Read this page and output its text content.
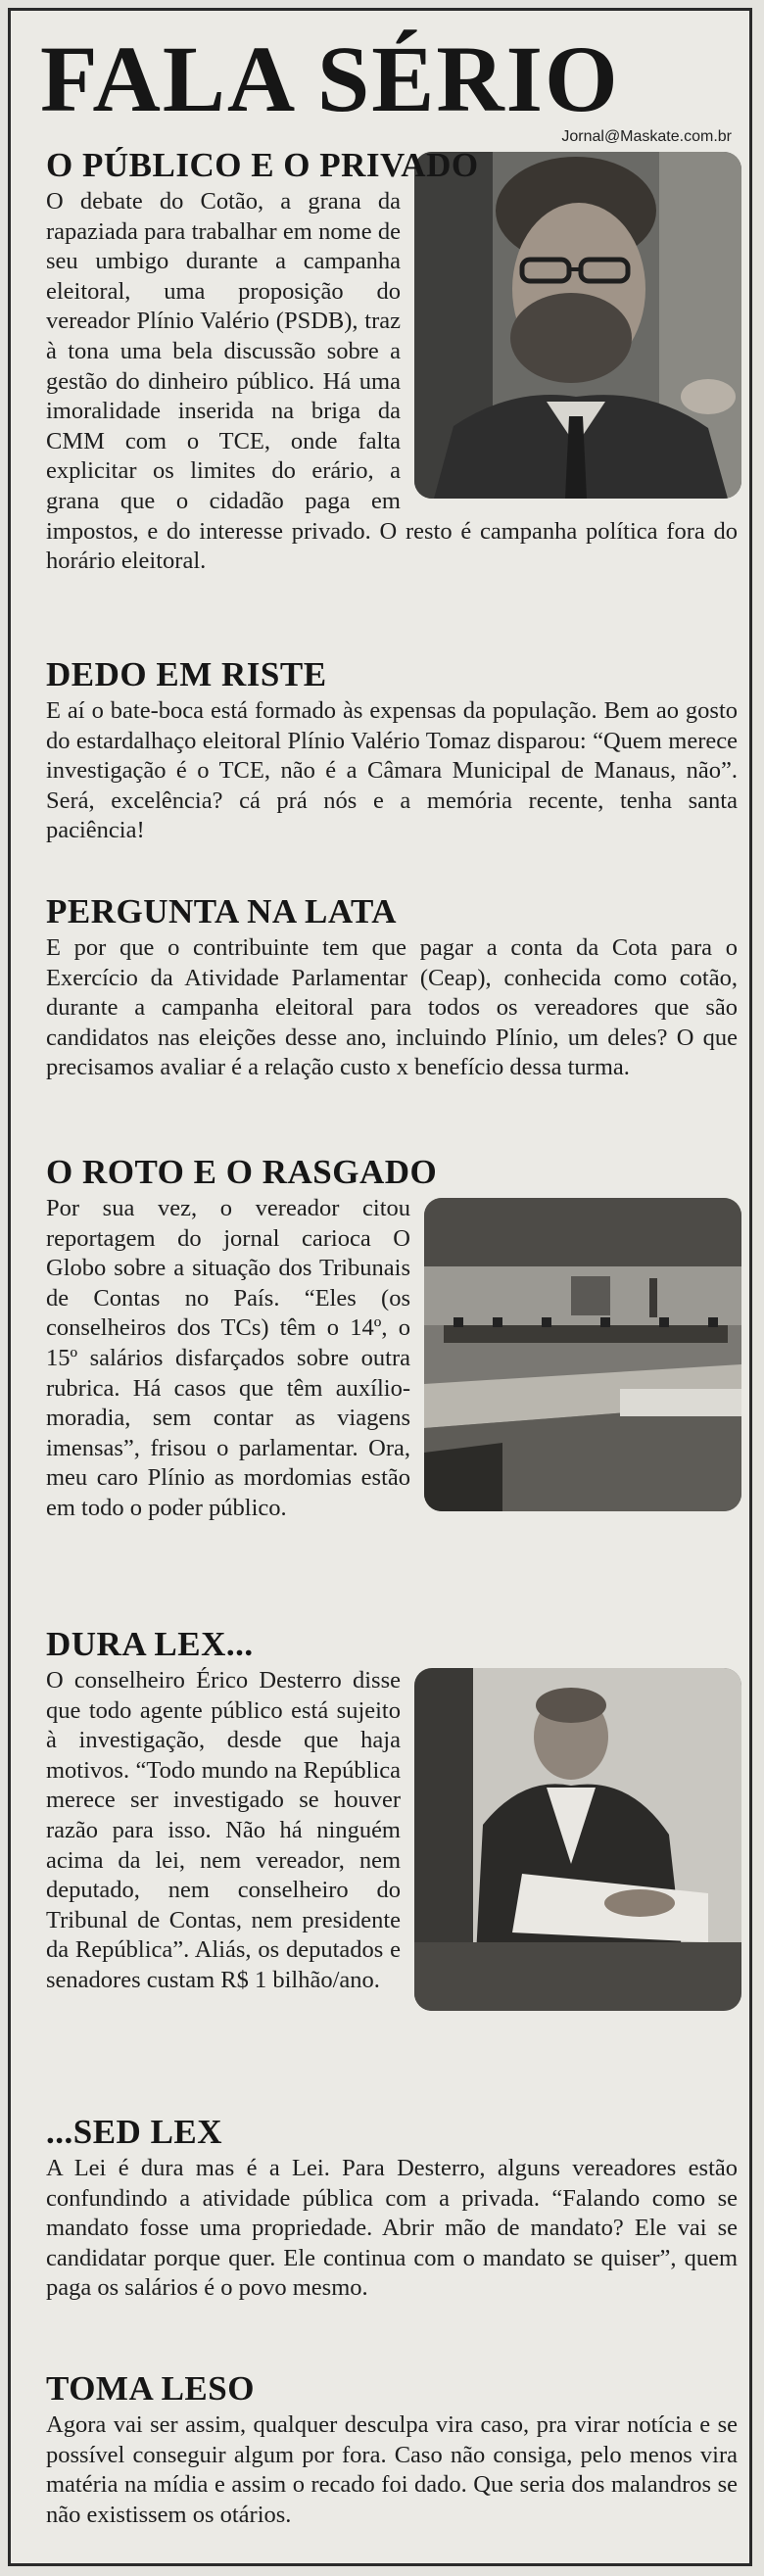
FALA SÉRIO
Jornal@Maskate.com.br
O PÚBLICO E O PRIVADO

O debate do Cotão, a grana da rapaziada para trabalhar em nome de seu umbigo durante a campanha eleitoral, uma proposição do vereador Plínio Valério (PSDB), traz à tona uma bela discussão sobre a gestão do dinheiro público. Há uma imoralidade inserida na briga da CMM com o TCE, onde falta explicitar os limites do erário, a grana que o cidadão paga em impostos, e do interesse privado. O resto é campanha política fora do horário eleitoral.

DEDO EM RISTE

E aí o bate-boca está formado às expensas da população. Bem ao gosto do estardalhaço eleitoral Plínio Valério Tomaz disparou: “Quem merece investigação é o TCE, não é a Câmara Municipal de Manaus, não”. Será, excelência? cá prá nós e a memória recente, tenha santa paciência!

PERGUNTA NA LATA

E por que o contribuinte tem que pagar a conta da Cota para o Exercício da Atividade Parlamentar (Ceap), conhecida como cotão, durante a campanha eleitoral para todos os vereadores que são candidatos nas eleições desse ano, incluindo Plínio, um deles? O que precisamos avaliar é a relação custo x benefício dessa turma.

O ROTO E O RASGADO

Por sua vez, o vereador citou reportagem do jornal carioca O Globo sobre a situação dos Tribunais de Contas no País. “Eles (os conselheiros dos TCs) têm o 14º, o 15º salários disfarçados sobre outra rubrica. Há casos que têm auxílio-moradia, sem contar as viagens imensas”, frisou o parlamentar. Ora, meu caro Plínio as mordomias estão em todo o poder público.

DURA LEX...

O conselheiro Érico Desterro disse que todo agente público está sujeito à investigação, desde que haja motivos. “Todo mundo na República merece ser investigado se houver razão para isso. Não há ninguém acima da lei, nem vereador, nem deputado, nem conselheiro do Tribunal de Contas, nem presidente da República”. Aliás, os deputados e senadores custam R$ 1 bilhão/ano.

...SED LEX

A Lei é dura mas é a Lei. Para Desterro, alguns vereadores estão confundindo a atividade pública com a privada. “Falando como se mandato fosse uma propriedade. Abrir mão de mandato? Ele vai se candidatar porque quer. Ele continua com o mandato se quiser”, quem paga os salários é o povo mesmo.

TOMA LESO

Agora vai ser assim, qualquer desculpa vira caso, pra virar notícia e se possível conseguir algum por fora. Caso não consiga, pelo menos vira matéria na mídia e assim o recado foi dado. Que seria dos malandros se não existissem os otários.
